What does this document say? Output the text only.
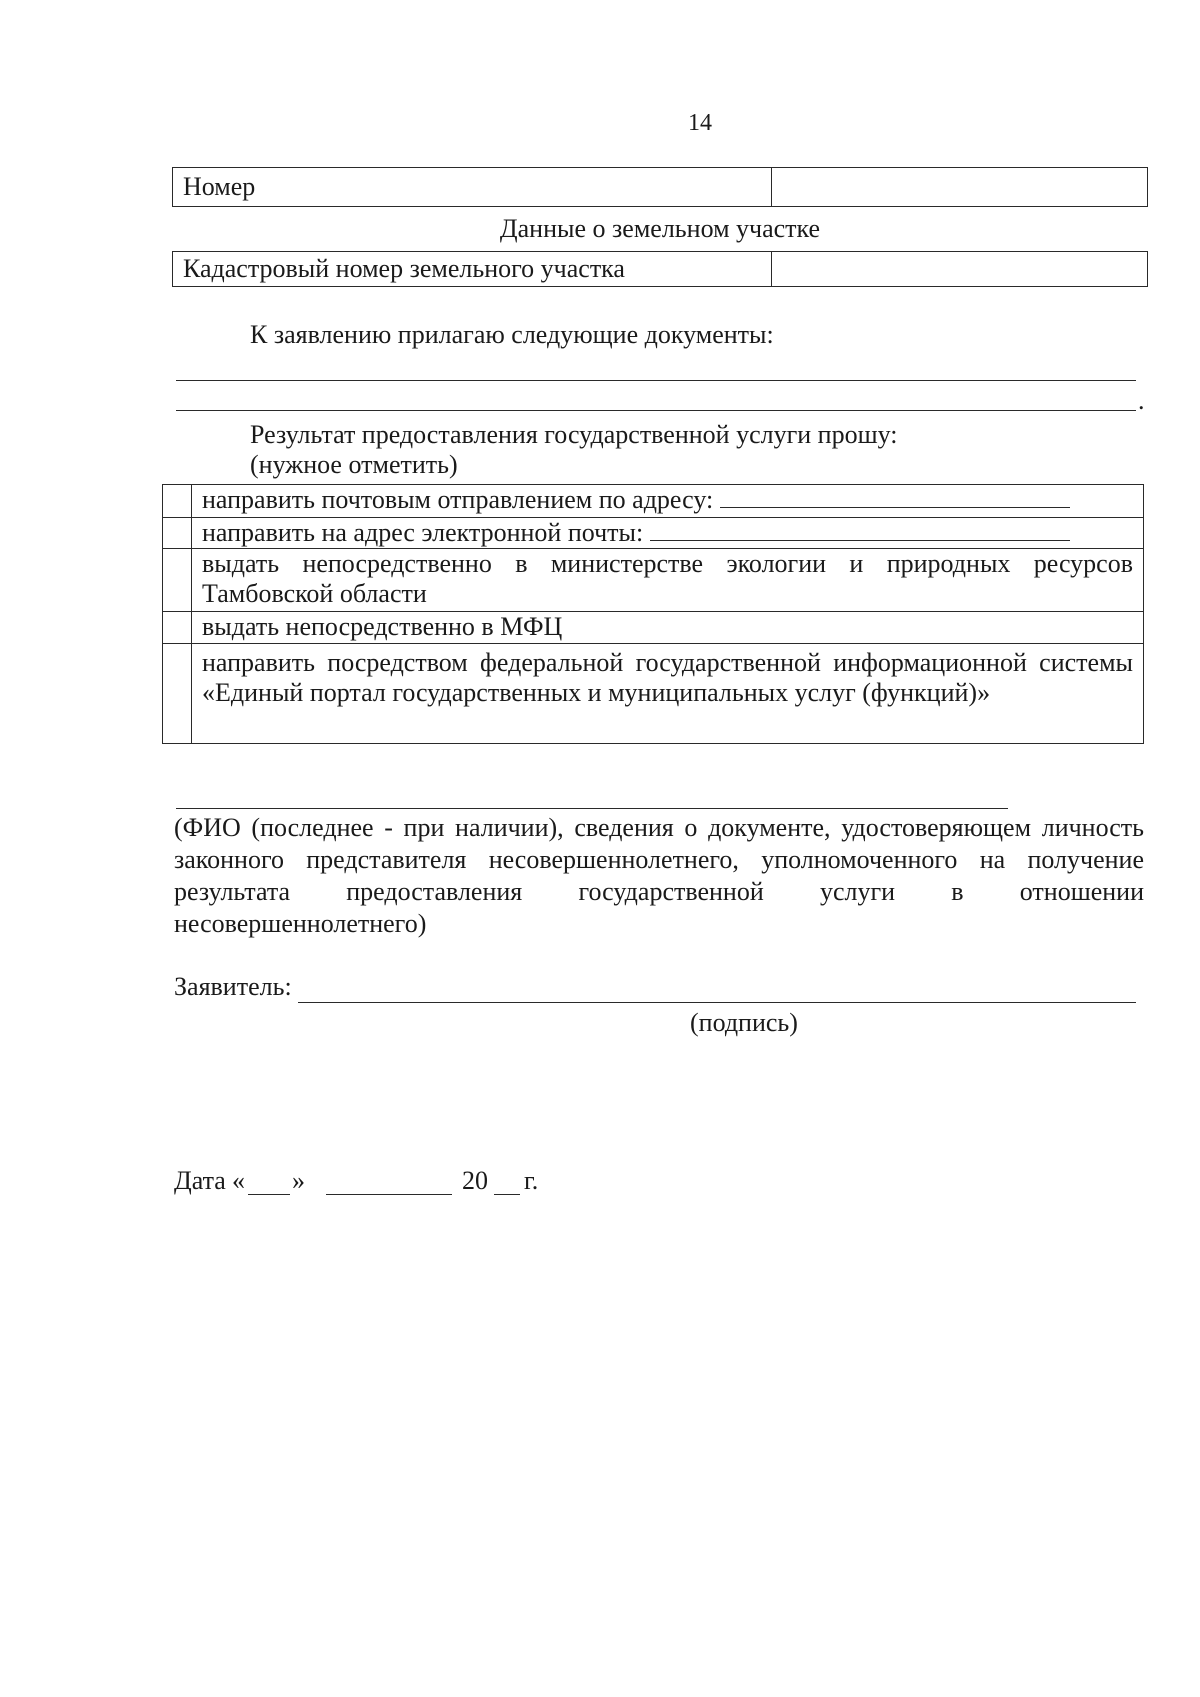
14
Номер	
Данные о земельном участке
Кадастровый номер земельного участка	
К заявлению прилагаю следующие документы:
.
Результат предоставления государственной услуги прошу:
(нужное отметить)
	направить почтовым отправлением по адресу:
	направить на адрес электронной почты:
	выдать непосредственно в министерстве экологии и природных ресурсов Тамбовской области
	выдать непосредственно в МФЦ
	направить посредством федеральной государственной информационной системы «Единый портал государственных и муниципальных услуг (функций)»
(ФИО (последнее - при наличии), сведения о документе, удостоверяющем личность законного представителя несовершеннолетнего, уполномоченного на получение результата предоставления государственной услуги в отношении несовершеннолетнего)
Заявитель:
(подпись)
Дата « »	20 г.
